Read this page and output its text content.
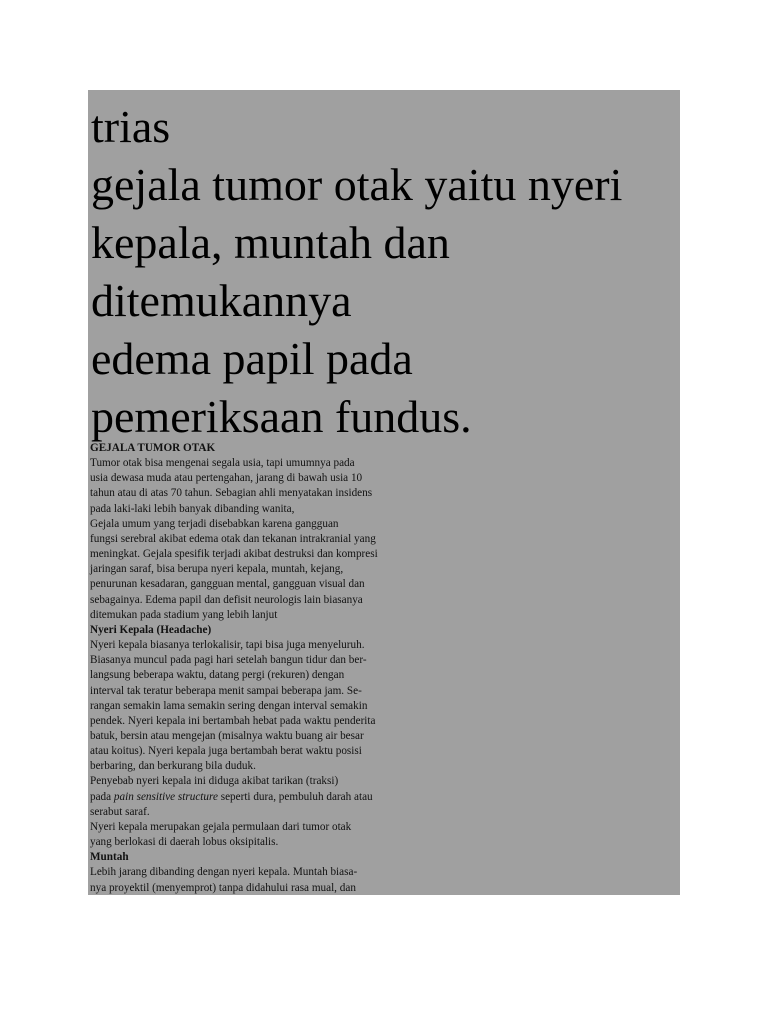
trias
gejala tumor otak yaitu nyeri
kepala, muntah dan
ditemukannya
edema papil pada
pemeriksaan fundus.
GEJALA TUMOR OTAK
Tumor otak bisa mengenai segala usia, tapi umumnya pada
usia dewasa muda atau pertengahan, jarang di bawah usia 10
tahun atau di atas 70 tahun. Sebagian ahli menyatakan insidens
pada laki-laki lebih banyak dibanding wanita,
Gejala umum yang terjadi disebabkan karena gangguan
fungsi serebral akibat edema otak dan tekanan intrakranial yang
meningkat. Gejala spesifik terjadi akibat destruksi dan kompresi
jaringan saraf, bisa berupa nyeri kepala, muntah, kejang,
penurunan kesadaran, gangguan mental, gangguan visual dan
sebagainya. Edema papil dan defisit neurologis lain biasanya
ditemukan pada stadium yang lebih lanjut
Nyeri Kepala (Headache)
Nyeri kepala biasanya terlokalisir, tapi bisa juga menyeluruh.
Biasanya muncul pada pagi hari setelah bangun tidur dan ber-
langsung beberapa waktu, datang pergi (rekuren) dengan
interval tak teratur beberapa menit sampai beberapa jam. Se-
rangan semakin lama semakin sering dengan interval semakin
pendek. Nyeri kepala ini bertambah hebat pada waktu penderita
batuk, bersin atau mengejan (misalnya waktu buang air besar
atau koitus). Nyeri kepala juga bertambah berat waktu posisi
berbaring, dan berkurang bila duduk.
Penyebab nyeri kepala ini diduga akibat tarikan (traksi)
pada pain sensitive structure seperti dura, pembuluh darah atau
serabut saraf.
Nyeri kepala merupakan gejala permulaan dari tumor otak
yang berlokasi di daerah lobus oksipitalis.
Muntah
Lebih jarang dibanding dengan nyeri kepala. Muntah biasa-
nya proyektil (menyemprot) tanpa didahului rasa mual, dan
